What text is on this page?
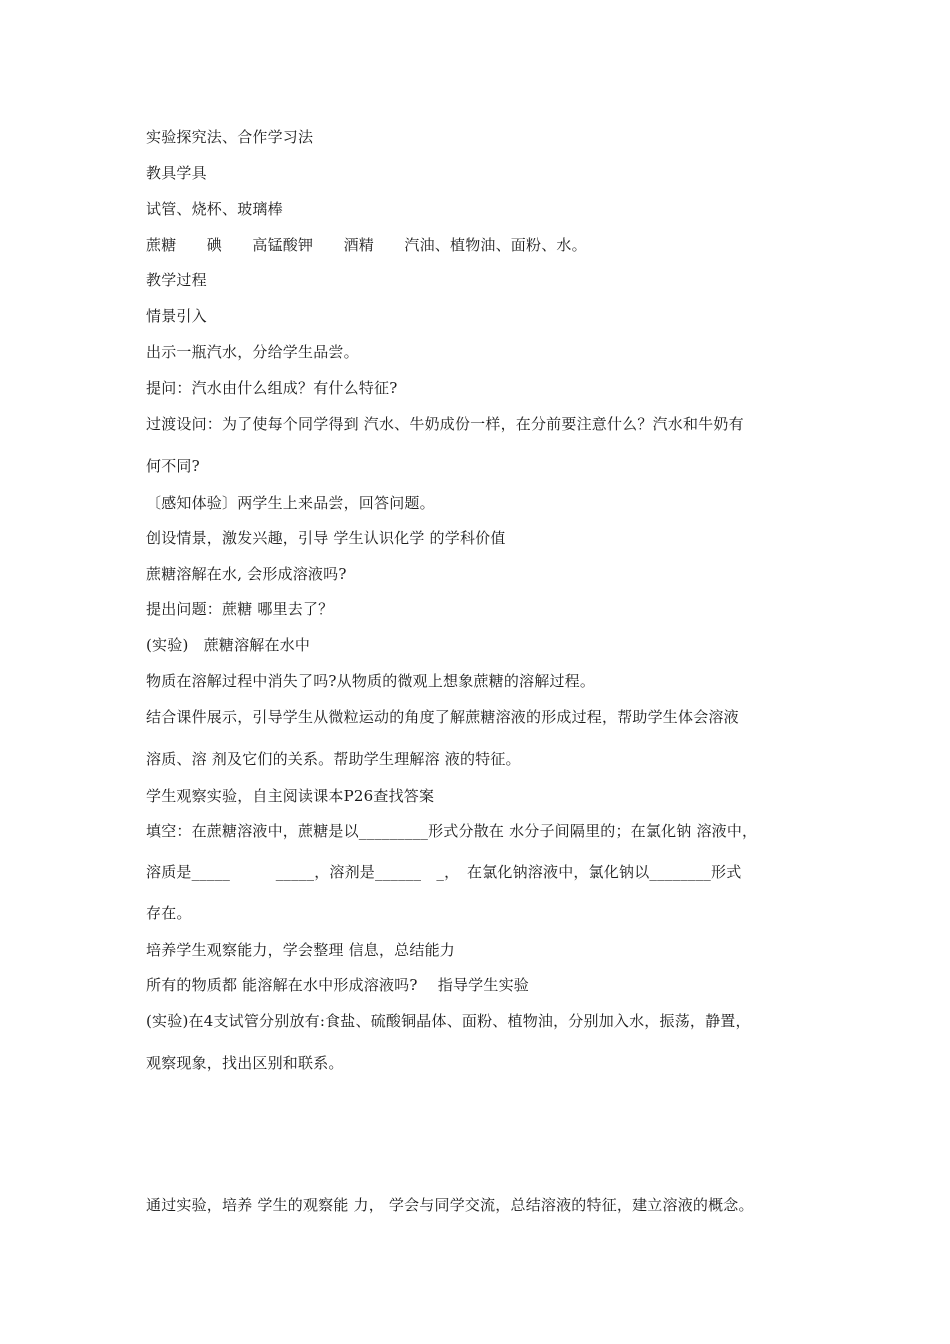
实验探究法、合作学习法
教具学具
试管、烧杯、玻璃棒
蔗糖　　碘　　高锰酸钾　　酒精　　汽油、植物油、面粉、水。
教学过程
情景引入
出示一瓶汽水，分给学生品尝。
提问：汽水由什么组成？有什么特征?
过渡设问：为了使每个同学得到 汽水、牛奶成份一样，在分前要注意什么？汽水和牛奶有
何不同?
〔感知体验〕两学生上来品尝，回答问题。
创设情景，激发兴趣，引导 学生认识化学 的学科价值
蔗糖溶解在水, 会形成溶液吗?
提出问题：蔗糖 哪里去了？
(实验)　蔗糖溶解在水中
物质在溶解过程中消失了吗?从物质的微观上想象蔗糖的溶解过程。
结合课件展示，引导学生从微粒运动的角度了解蔗糖溶液的形成过程，帮助学生体会溶液
溶质、溶 剂及它们的关系。帮助学生理解溶 液的特征。
学生观察实验，自主阅读课本P26查找答案
填空：在蔗糖溶液中，蔗糖是以_________形式分散在 水分子间隔里的；在氯化钠 溶液中，
溶质是_____　　　_____，溶剂是______　_，　在氯化钠溶液中，氯化钠以________形式
存在。
培养学生观察能力，学会整理 信息，总结能力
所有的物质都 能溶解在水中形成溶液吗?　 指导学生实验
(实验)在4支试管分别放有:食盐、硫酸铜晶体、面粉、植物油，分别加入水，振荡，静置，
观察现象，找出区别和联系。
通过实验，培养 学生的观察能 力， 学会与同学交流，总结溶液的特征，建立溶液的概念。
